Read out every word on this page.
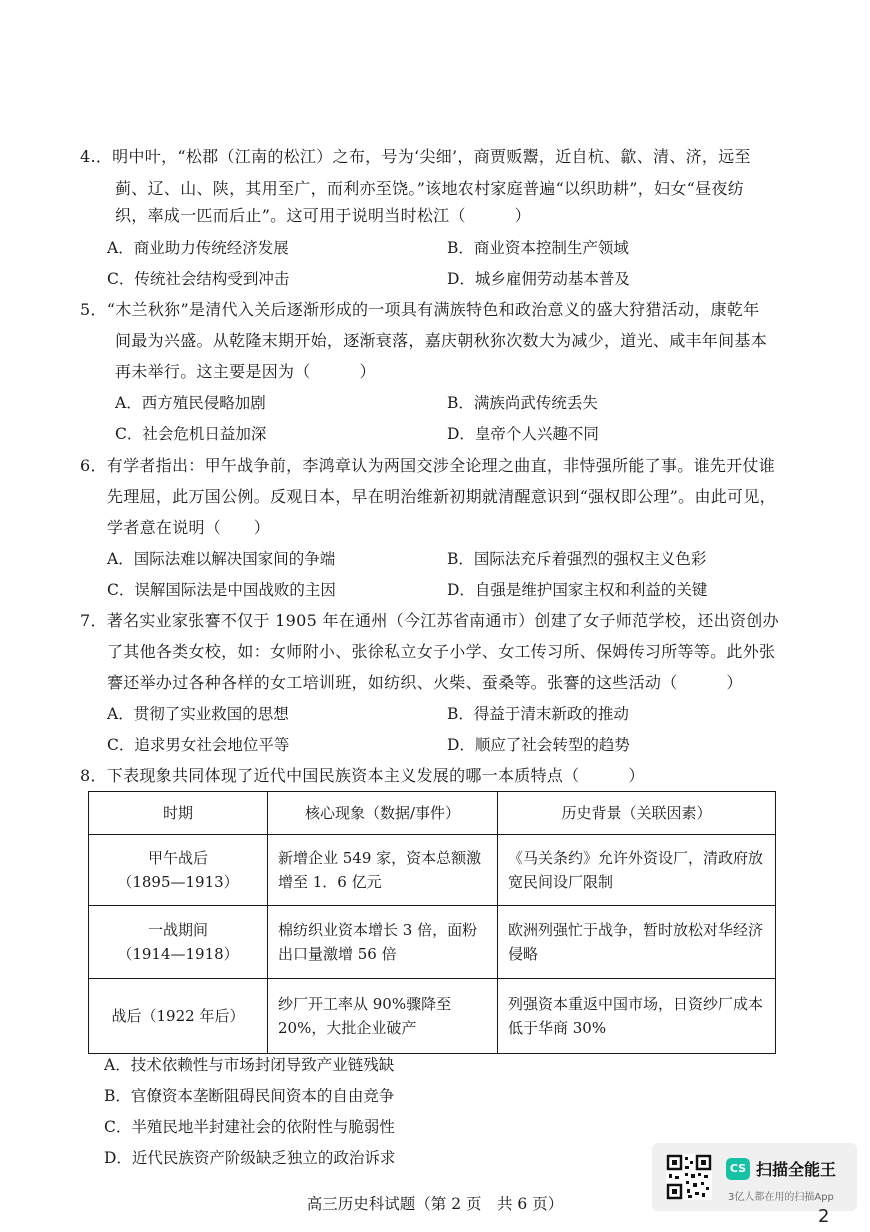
4.．明中叶，“松郡（江南的松江）之布，号为‘尖细’，商贾贩鬻，近自杭、歙、清、济，远至
蓟、辽、山、陕，其用至广，而利亦至饶。”该地农村家庭普遍“以织助耕”，妇女“昼夜纺
织，率成一匹而后止”。这可用于说明当时松江（　　　）
A．商业助力传统经济发展	B．商业资本控制生产领域
C．传统社会结构受到冲击	D．城乡雇佣劳动基本普及
5．“木兰秋狝”是清代入关后逐渐形成的一项具有满族特色和政治意义的盛大狩猎活动，康乾年
间最为兴盛。从乾隆末期开始，逐渐衰落，嘉庆朝秋狝次数大为减少，道光、咸丰年间基本
再未举行。这主要是因为（　　　）
A．西方殖民侵略加剧	B．满族尚武传统丢失
C．社会危机日益加深	D．皇帝个人兴趣不同
6．有学者指出：甲午战争前，李鸿章认为两国交涉全论理之曲直，非恃强所能了事。谁先开仗谁
先理屈，此万国公例。反观日本，早在明治维新初期就清醒意识到“强权即公理”。由此可见，
学者意在说明（　　）
A．国际法难以解决国家间的争端	B．国际法充斥着强烈的强权主义色彩
C．误解国际法是中国战败的主因	D．自强是维护国家主权和利益的关键
7．著名实业家张謇不仅于 1905 年在通州（今江苏省南通市）创建了女子师范学校，还出资创办
了其他各类女校，如：女师附小、张徐私立女子小学、女工传习所、保姆传习所等等。此外张
謇还举办过各种各样的女工培训班，如纺织、火柴、蚕桑等。张謇的这些活动（　　　）
A．贯彻了实业救国的思想	B．得益于清末新政的推动
C．追求男女社会地位平等	D．顺应了社会转型的趋势
8．下表现象共同体现了近代中国民族资本主义发展的哪一本质特点（　　　）
时期	核心现象（数据/事件）	历史背景（关联因素）

甲午战后
（1895—1913）	新增企业 549 家，资本总额激增至 1．6 亿元	《马关条约》允许外资设厂，清政府放宽民间设厂限制

一战期间
（1914—1918）	棉纺织业资本增长 3 倍，面粉出口量激增 56 倍	欧洲列强忙于战争，暂时放松对华经济侵略

战后（1922 年后）	纱厂开工率从 90%骤降至 20%，大批企业破产	列强资本重返中国市场，日资纱厂成本低于华商 30%
A．技术依赖性与市场封闭导致产业链残缺
B．官僚资本垄断阻碍民间资本的自由竞争
C．半殖民地半封建社会的依附性与脆弱性
D．近代民族资产阶级缺乏独立的政治诉求
高三历史科试题（第 2 页　共 6 页）
CS 扫描全能王
3亿人都在用的扫描App
2
